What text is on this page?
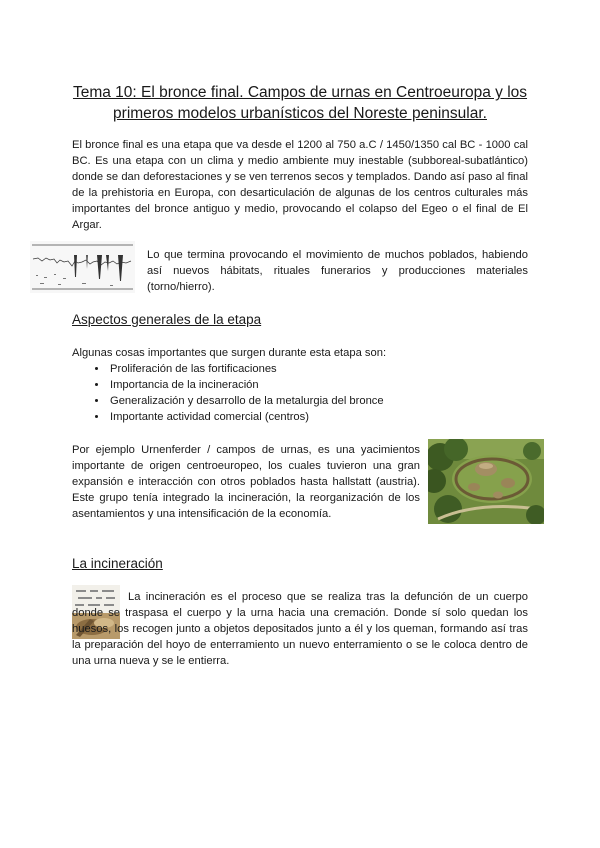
Tema 10: El bronce final. Campos de urnas en Centroeuropa y los primeros modelos urbanísticos del Noreste peninsular.

El bronce final es una etapa que va desde el 1200 al 750 a.C / 1450/1350 cal BC - 1000 cal BC. Es una etapa con un clima y medio ambiente muy inestable (subboreal-subatlántico) donde se dan deforestaciones y se ven terrenos secos y templados. Dando así paso al final de la prehistoria en Europa, con desarticulación de algunas de los centros culturales más importantes del bronce antiguo y medio, provocando el colapso del Egeo o el final de El Argar.

Lo que termina provocando el movimiento de muchos poblados, habiendo así nuevos hábitats, rituales funerarios y producciones materiales (torno/hierro).

Aspectos generales de la etapa

Algunas cosas importantes que surgen durante esta etapa son:

• Proliferación de las fortificaciones
• Importancia de la incineración
• Generalización y desarrollo de la metalurgia del bronce
• Importante actividad comercial (centros)

Por ejemplo Urnenferder / campos de urnas, es una yacimientos importante de origen centroeuropeo, los cuales tuvieron una gran expansión e interacción con otros poblados hasta hallstatt (austria). Este grupo tenía integrado la incineración, la reorganización de los asentamientos y una intensificación de la economía.

La incineración

La incineración es el proceso que se realiza tras la defunción de un cuerpo donde se traspasa el cuerpo y la urna hacia una cremación. Donde sí solo quedan los huesos, los recogen junto a objetos depositados junto a él y los queman, formando así tras la preparación del hoyo de enterramiento un nuevo enterramiento o se le coloca dentro de una urna nueva y se le entierra.
